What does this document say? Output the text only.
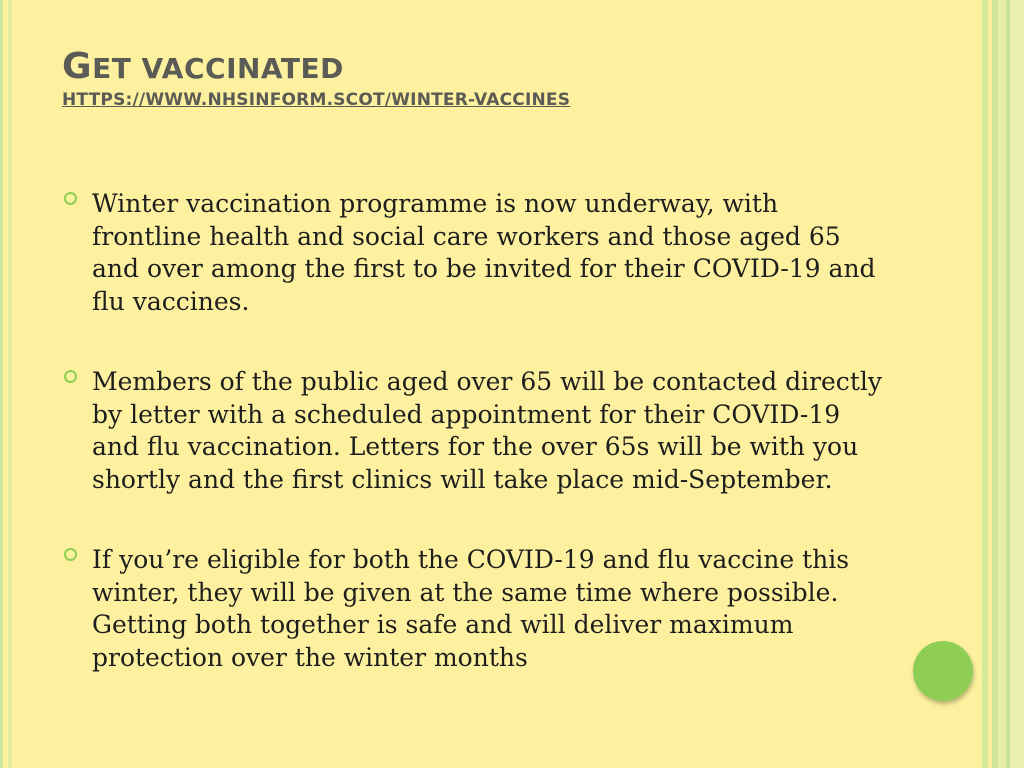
GET VACCINATED
HTTPS://WWW.NHSINFORM.SCOT/WINTER-VACCINES
Winter vaccination programme is now underway, with frontline health and social care workers and those aged 65 and over among the first to be invited for their COVID-19 and flu vaccines.
Members of the public aged over 65 will be contacted directly by letter with a scheduled appointment for their COVID-19 and flu vaccination. Letters for the over 65s will be with you shortly and the first clinics will take place mid-September.
If you’re eligible for both the COVID-19 and flu vaccine this winter, they will be given at the same time where possible. Getting both together is safe and will deliver maximum protection over the winter months
